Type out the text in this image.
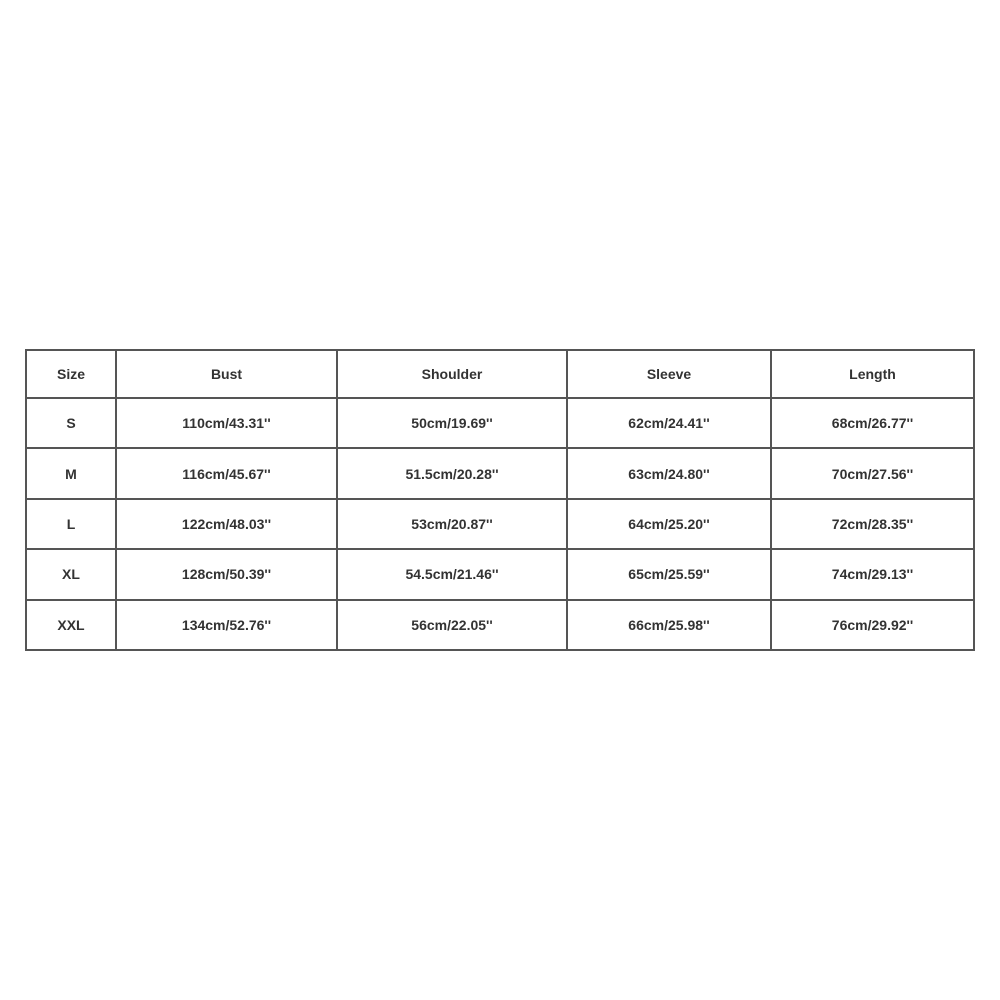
Size	Bust	Shoulder	Sleeve	Length
S	110cm/43.31''	50cm/19.69''	62cm/24.41''	68cm/26.77''
M	116cm/45.67''	51.5cm/20.28''	63cm/24.80''	70cm/27.56''
L	122cm/48.03''	53cm/20.87''	64cm/25.20''	72cm/28.35''
XL	128cm/50.39''	54.5cm/21.46''	65cm/25.59''	74cm/29.13''
XXL	134cm/52.76''	56cm/22.05''	66cm/25.98''	76cm/29.92''
